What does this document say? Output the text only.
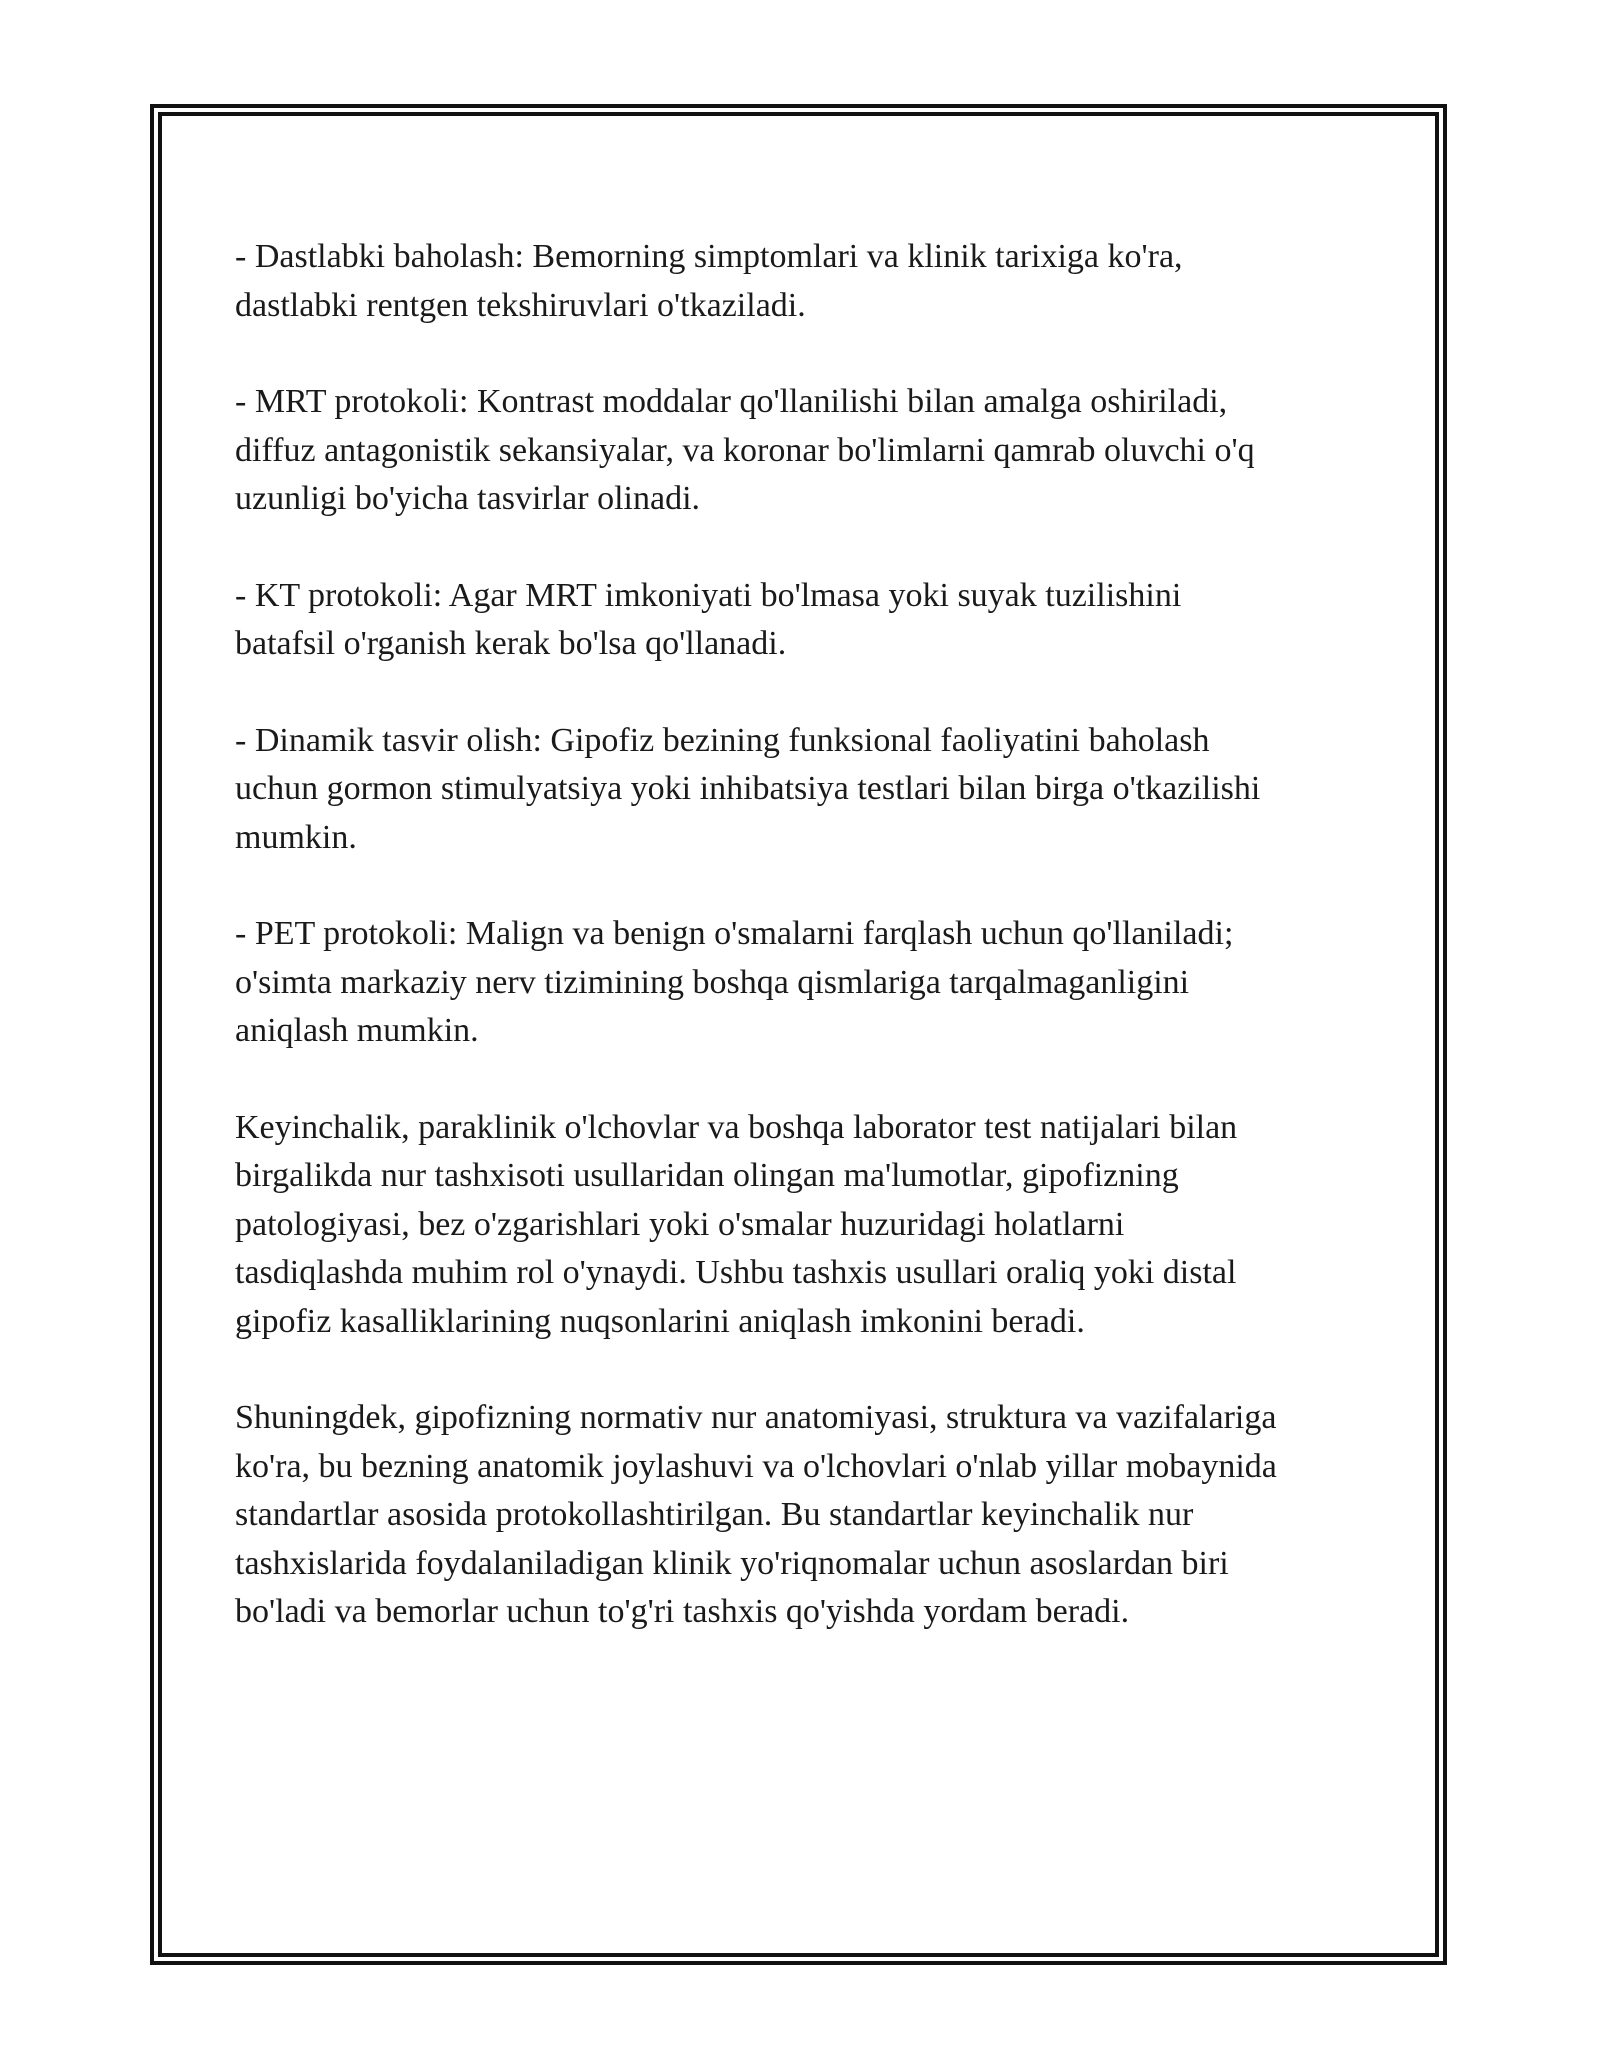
- Dastlabki baholash: Bemorning simptomlari va klinik tarixiga ko'ra,
dastlabki rentgen tekshiruvlari o'tkaziladi.

- MRT protokoli: Kontrast moddalar qo'llanilishi bilan amalga oshiriladi,
diffuz antagonistik sekansiyalar, va koronar bo'limlarni qamrab oluvchi o'q
uzunligi bo'yicha tasvirlar olinadi.

- KT protokoli: Agar MRT imkoniyati bo'lmasa yoki suyak tuzilishini
batafsil o'rganish kerak bo'lsa qo'llanadi.

- Dinamik tasvir olish: Gipofiz bezining funksional faoliyatini baholash
uchun gormon stimulyatsiya yoki inhibatsiya testlari bilan birga o'tkazilishi
mumkin.

- PET protokoli: Malign va benign o'smalarni farqlash uchun qo'llaniladi;
o'simta markaziy nerv tizimining boshqa qismlariga tarqalmaganligini
aniqlash mumkin.

Keyinchalik, paraklinik o'lchovlar va boshqa laborator test natijalari bilan
birgalikda nur tashxisoti usullaridan olingan ma'lumotlar, gipofizning
patologiyasi, bez o'zgarishlari yoki o'smalar huzuridagi holatlarni
tasdiqlashda muhim rol o'ynaydi. Ushbu tashxis usullari oraliq yoki distal
gipofiz kasalliklarining nuqsonlarini aniqlash imkonini beradi.

Shuningdek, gipofizning normativ nur anatomiyasi, struktura va vazifalariga
ko'ra, bu bezning anatomik joylashuvi va o'lchovlari o'nlab yillar mobaynida
standartlar asosida protokollashtirilgan. Bu standartlar keyinchalik nur
tashxislarida foydalaniladigan klinik yo'riqnomalar uchun asoslardan biri
bo'ladi va bemorlar uchun to'g'ri tashxis qo'yishda yordam beradi.
